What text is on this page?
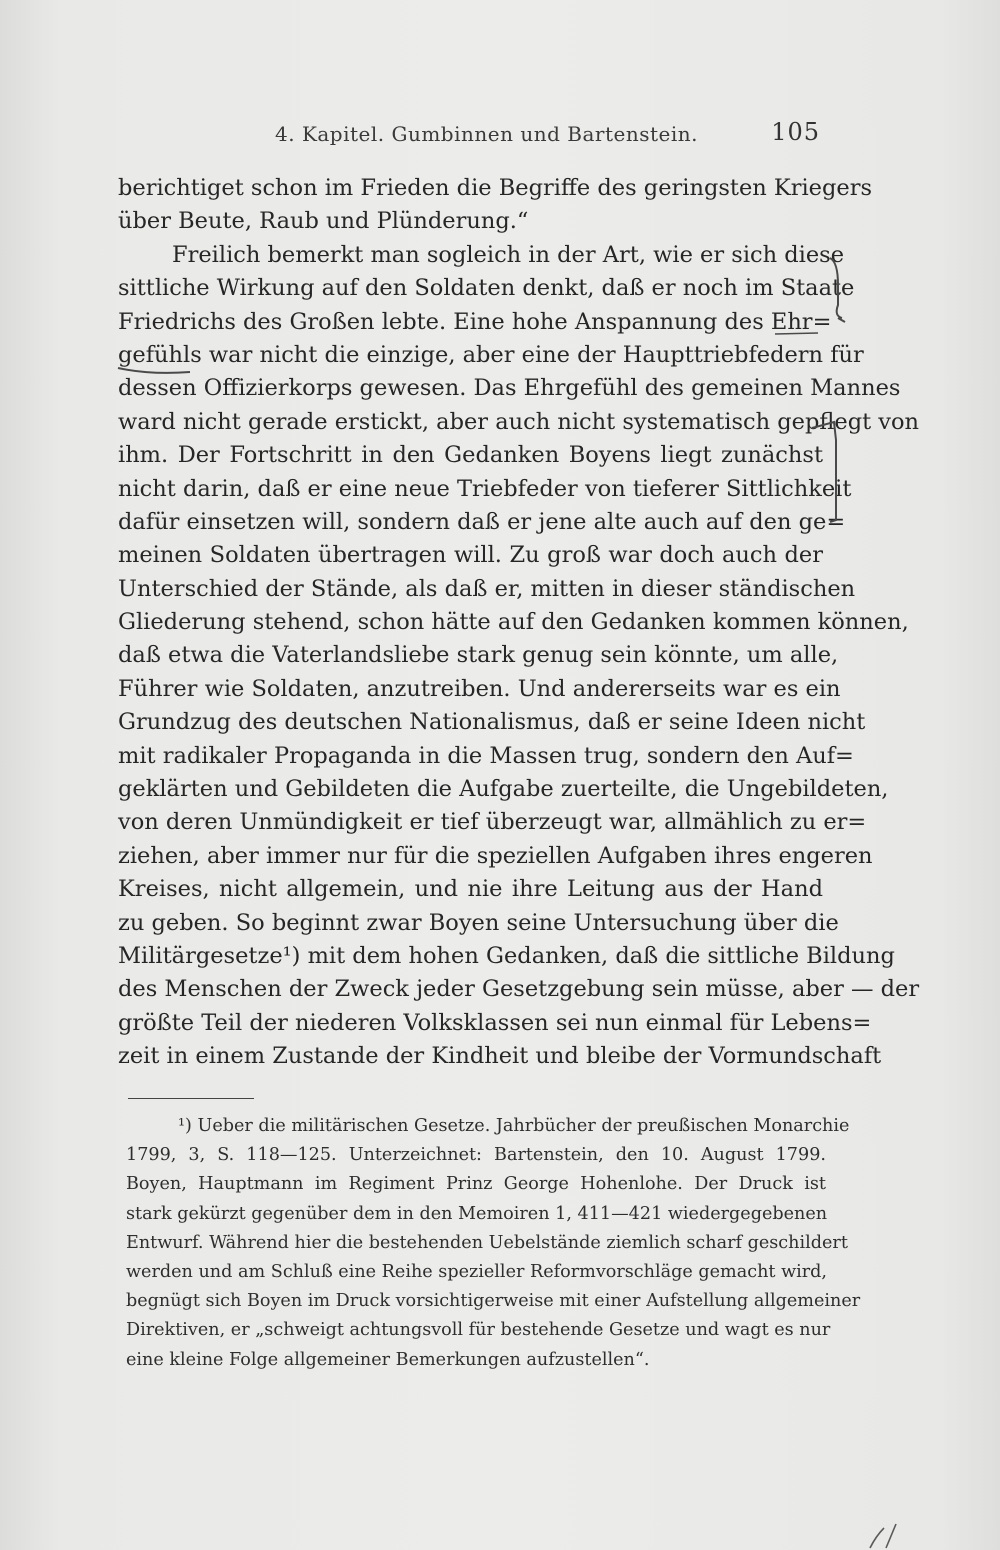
4. Kapitel. Gumbinnen und Bartenstein.	105
berichtiget schon im Frieden die Begriffe des geringsten Kriegers
über Beute, Raub und Plünderung.“
Freilich bemerkt man sogleich in der Art, wie er sich diese
sittliche Wirkung auf den Soldaten denkt, daß er noch im Staate
Friedrichs des Großen lebte. Eine hohe Anspannung des Ehr=
gefühls war nicht die einzige, aber eine der Haupttriebfedern für
dessen Offizierkorps gewesen. Das Ehrgefühl des gemeinen Mannes
ward nicht gerade erstickt, aber auch nicht systematisch gepflegt von
ihm. Der Fortschritt in den Gedanken Boyens liegt zunächst
nicht darin, daß er eine neue Triebfeder von tieferer Sittlichkeit
dafür einsetzen will, sondern daß er jene alte auch auf den ge=
meinen Soldaten übertragen will. Zu groß war doch auch der
Unterschied der Stände, als daß er, mitten in dieser ständischen
Gliederung stehend, schon hätte auf den Gedanken kommen können,
daß etwa die Vaterlandsliebe stark genug sein könnte, um alle,
Führer wie Soldaten, anzutreiben. Und andererseits war es ein
Grundzug des deutschen Nationalismus, daß er seine Ideen nicht
mit radikaler Propaganda in die Massen trug, sondern den Auf=
geklärten und Gebildeten die Aufgabe zuerteilte, die Ungebildeten,
von deren Unmündigkeit er tief überzeugt war, allmählich zu er=
ziehen, aber immer nur für die speziellen Aufgaben ihres engeren
Kreises, nicht allgemein, und nie ihre Leitung aus der Hand
zu geben. So beginnt zwar Boyen seine Untersuchung über die
Militärgesetze¹) mit dem hohen Gedanken, daß die sittliche Bildung
des Menschen der Zweck jeder Gesetzgebung sein müsse, aber — der
größte Teil der niederen Volksklassen sei nun einmal für Lebens=
zeit in einem Zustande der Kindheit und bleibe der Vormundschaft
¹) Ueber die militärischen Gesetze. Jahrbücher der preußischen Monarchie
1799, 3, S. 118—125. Unterzeichnet: Bartenstein, den 10. August 1799.
Boyen, Hauptmann im Regiment Prinz George Hohenlohe. Der Druck ist
stark gekürzt gegenüber dem in den Memoiren 1, 411—421 wiedergegebenen
Entwurf. Während hier die bestehenden Uebelstände ziemlich scharf geschildert
werden und am Schluß eine Reihe spezieller Reformvorschläge gemacht wird,
begnügt sich Boyen im Druck vorsichtigerweise mit einer Aufstellung allgemeiner
Direktiven, er „schweigt achtungsvoll für bestehende Gesetze und wagt es nur
eine kleine Folge allgemeiner Bemerkungen aufzustellen“.
